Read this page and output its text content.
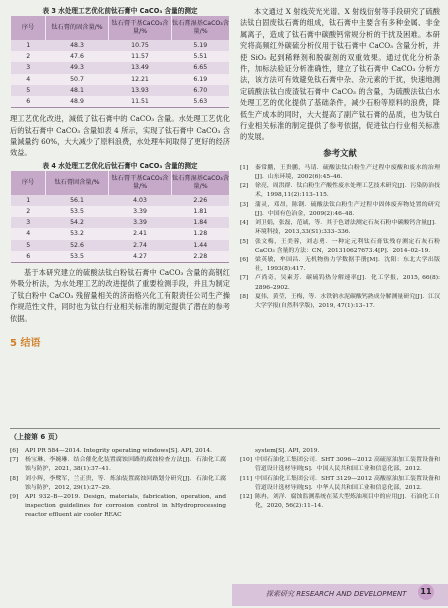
表 3 水处理工艺优化前钛石膏中 CaCO₃ 含量的测定
序号	钛石膏的固含量/%	钛石膏干基CaCO₃含量/%	钛石膏湿基CaCO₃含量/%
1	48.3	10.75	5.19
2	47.6	11.57	5.51
3	49.3	13.49	6.65
4	50.7	12.21	6.19
5	48.1	13.93	6.70
6	48.9	11.51	5.63

理工艺优化改进，減低了钛石膏中的 CaCO₃ 含量。水处理工艺优化后的钛石膏中 CaCO₃ 含量如表 4 所示，实现了钛石膏中 CaCO₃ 含量減量约 60%，大大减少了原料浪费，水处理车间取得了更好的经济效益。

表 4 水处理工艺优化后钛石膏中 CaCO₃ 含量的测定
序号	钛石膏固含量/%	钛石膏干基CaCO₃含量/%	钛石膏湿基CaCO₃含量/%
1	56.1	4.03	2.26
2	53.5	3.39	1.81
3	54.2	3.39	1.84
4	53.2	2.41	1.28
5	52.6	2.74	1.44
6	53.5	4.27	2.28

基于本研究建立的硫酸法钛白粉钛石膏中 CaCO₃ 含量的高钢红外吸分析法，为水处理工艺的改进提供了重要检测手段，并且为制定了钛白粉中 CaCO₃ 残留量相关的济南格兴化工有限责任公司生产操作规范性文件，同时也为钛白行业相关标准的制定提供了潜在的参考依据。

5 结语

本文通过 X 射线荧光光谱、X 射线衍射等手段研究了硫酸法钛白固废钛石膏的组成，钛石膏中主要含有多种金属、非金属离子，造成了钛石膏中碳酸钙常规分析的干扰及困难。本研究将高频红外碳硫分析仪用于钛石膏中 CaCO₃ 含量分析，并使 SiO₂ 起到稀释剂和脱碳剂的双重效果。通过优化分析条件，加标法验证分析准确性，建立了钛石膏中 CaCO₃ 分析方法，该方法可有效避免钛石膏中杂、杂元素的干扰，快速地测定硫酸法钛白废渣钛石膏中 CaCO₃ 的含量，为硫酸法钛白水处理工艺的优化提供了基础条件，减少石粉等原料的浪费，降低生产成本的同时，大大提高了副产钛石膏的品质，也为钛白行业相关标准的制定提供了参考依据，促进钛白行业相关标准的发展。

参考文献
[1]	秦常鹏，王贵鹏，马请．硫酸法钛白粉生产过程中废酸和废水的治理[J]．山东环境，2002(6):45–46.
[2]	徐亮，周洪群．钛白粉生产酸性废水处理工艺技术研究[J]．污染防治技术，1998,11(2):113–115.
[3]	蒲灵，邓昂，陈钢．硫酸法钛白粉生产过程中固体废弃物处置的研究[J]．中国有色冶金，2009(2):46–48.
[4]	刘卫娟，张磊，范诚，等．其于色谱法测定石灰石粉中碳酸钙含量[J]．环境科技，2013,33(S1):333–336.
[5]	张文梅，王美蓉，刘志勇．一种定元利钛石膏钛残存测定石灰石粉 CaCO₃ 含量的方法：CN，201310627673.4[P]．2014–02–19.
[6]	梁英敏，牟国昌．无机物热力学数据手册[M]．沈阳：东北大学出版社，1993(8):417.
[7]	卢尚奇，吴素芳．碳硫钨热分解速率[J]．化工学报，2015, 66(8): 2896–2902.
[8]	夏伟，黄莹，王梅，等．水铁钠水泥碳酸钙熟成分解测量研究[J]．江汉大学学报(自然科学版)，2019, 47(1):13–17.
（上接第 6 页）
[6]	API PR 584—2014. Integrity operating windows[S]. API, 2014.
[7]	杨宝琳，李婉琳．结合催化化装置腐蚀回路的腐蚀检查方法[J]．石油化工腐蚀与防护，2021, 38(1):37–41.
[8]	刘小辉，李鹭军，兰正贵，等．炼油装置腐蚀回路划分研究[J]．石油化工腐蚀与防护，2012, 29(1):27–29.
[9]	API 932–B—2019. Design, materials, fabrication, operation, and inspection guidelines for corrosion control in hHydroprocessing reactor effluent air cooler REAC
system[S]. API, 2019.
[10] 中国石油化工集团公司．SHT 3096—2012 高硫原油加工装置设备和管道设计选材导则[S]．中国人民共和国工业和信息化部，2012.
[11] 中国石油化工集团公司．SHT 3129—2012 高酸原油加工装置设备和管道设计选材导则[S]．中华人民共和国工业和信息化部，2012.
[12] 陈冉，刘洋．腐蚀监测系统在某大型炼油项目中的应用[J]．石油化工自化，2020, 56(2):11–14.
探索研究 RESEARCH AND DEVELOPMENT	11
